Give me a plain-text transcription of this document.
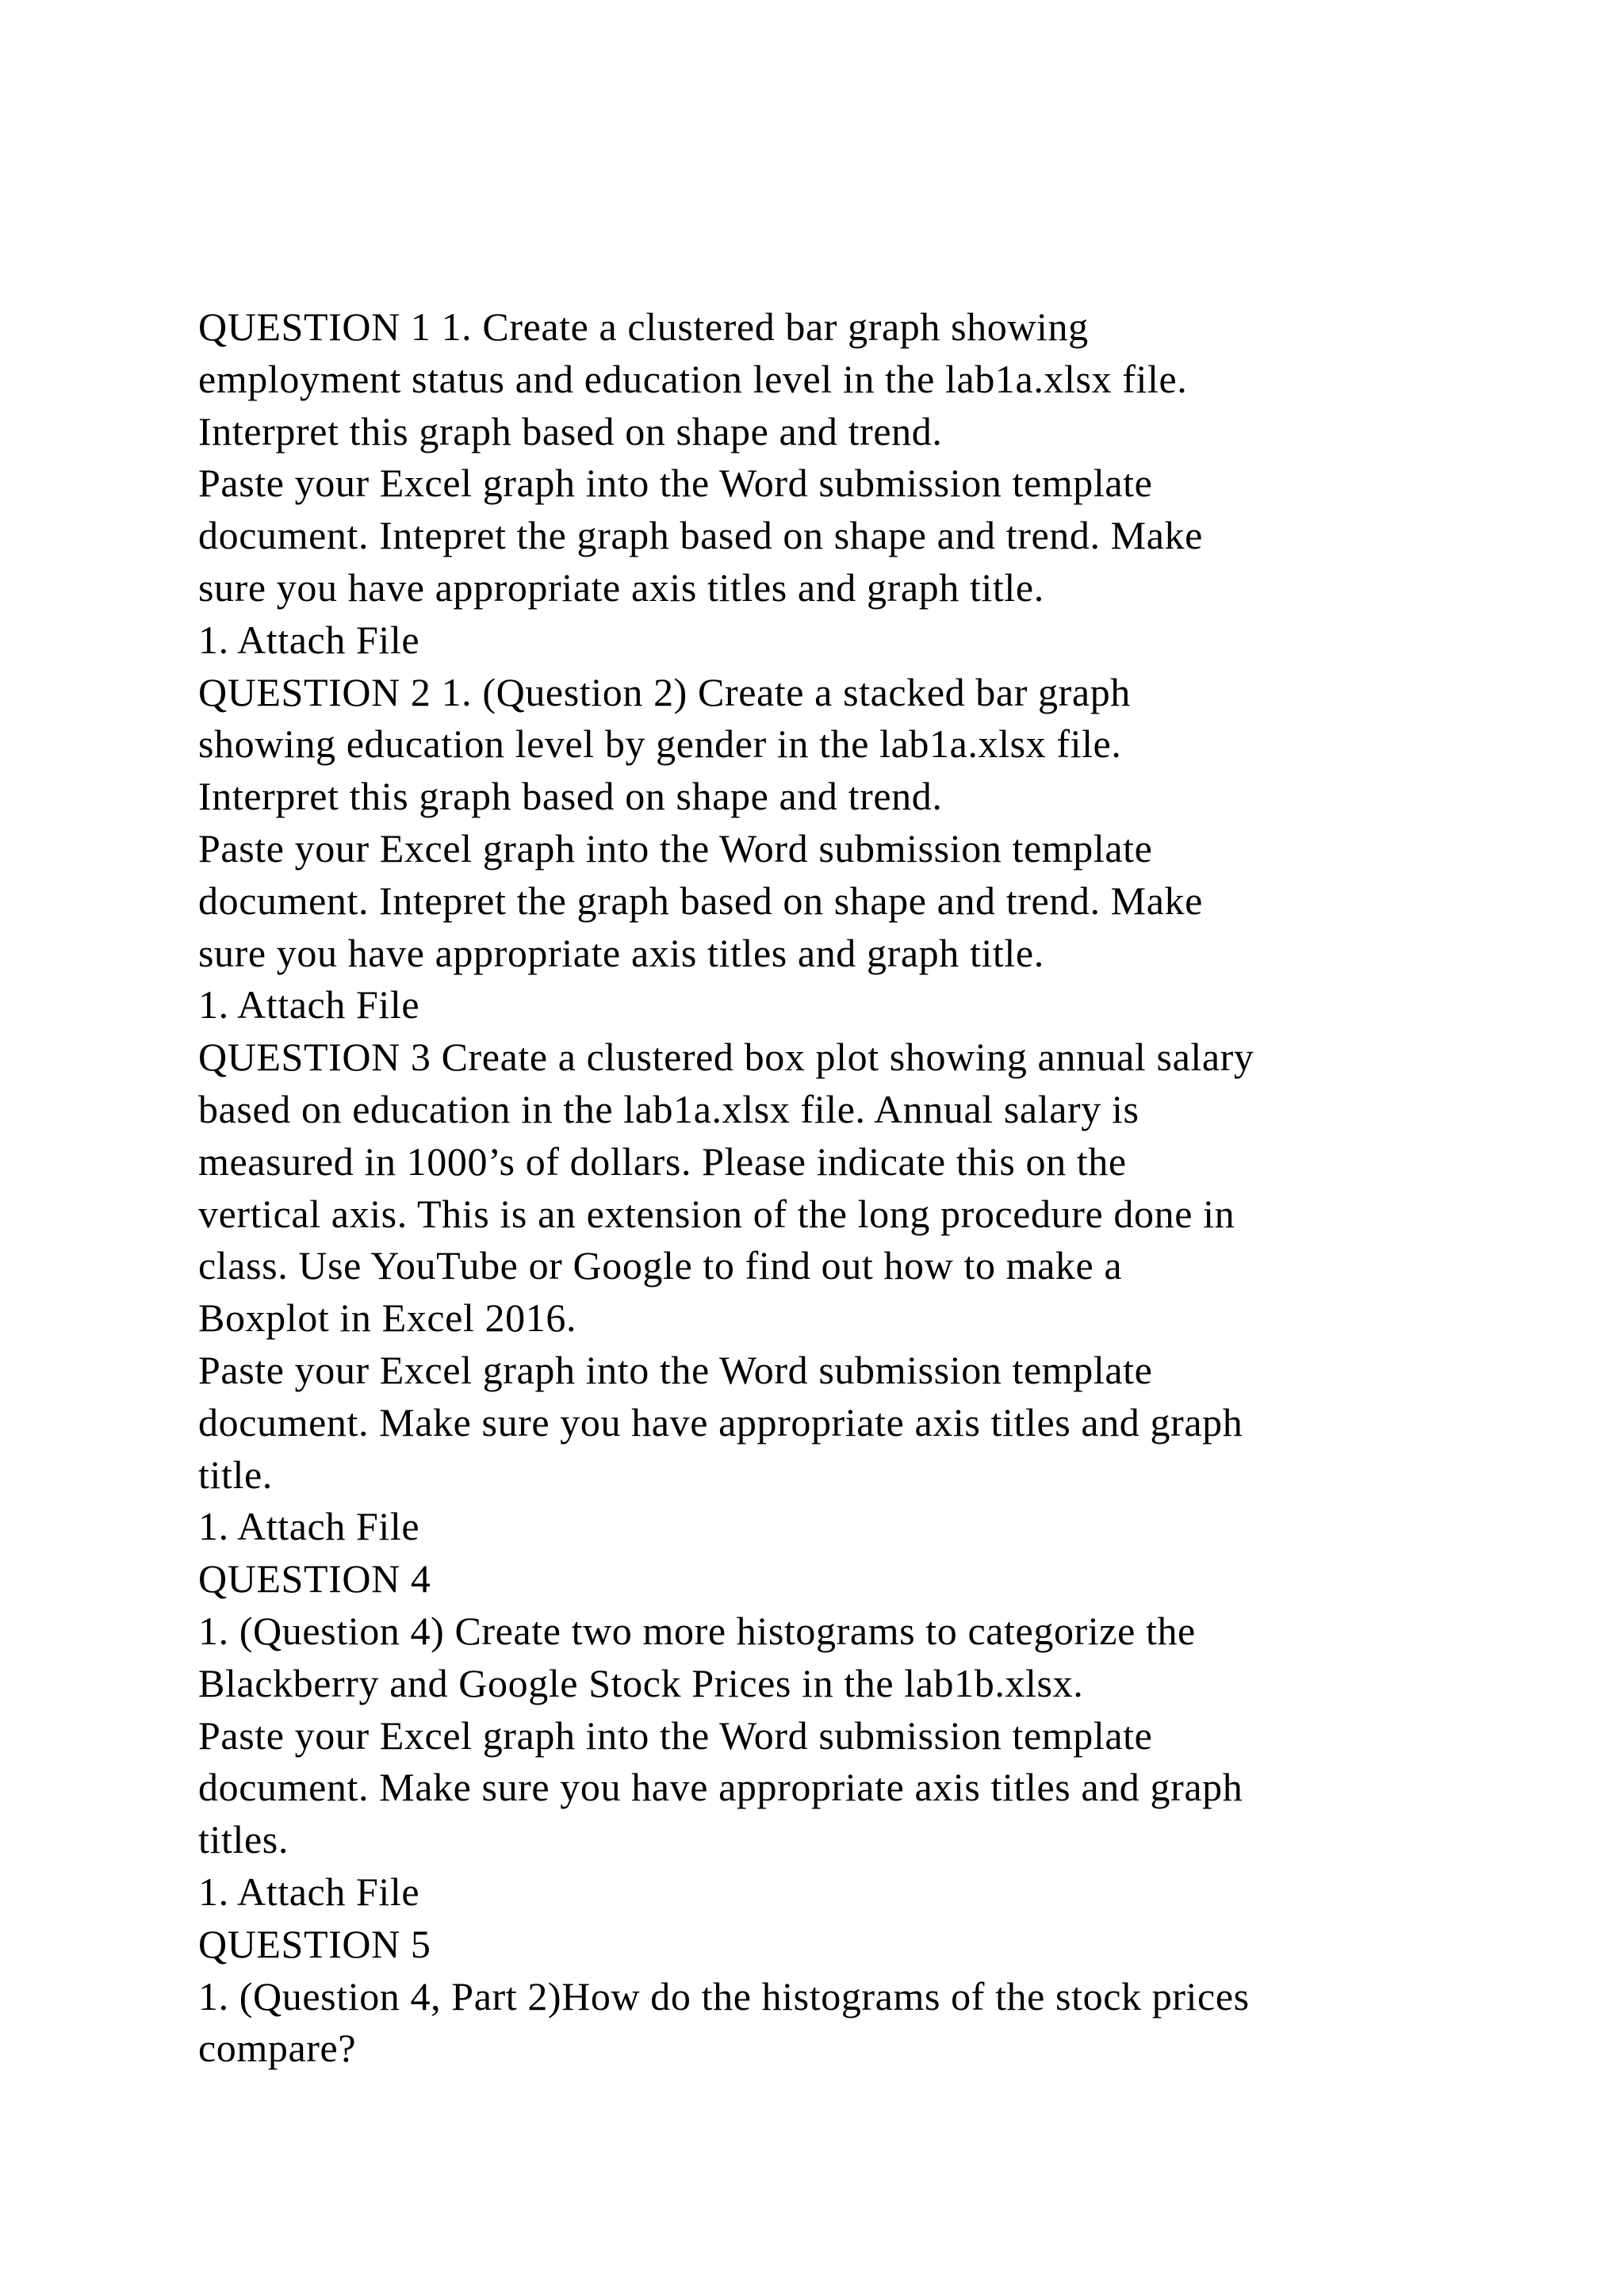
QUESTION 1 1. Create a clustered bar graph showing
employment status and education level in the lab1a.xlsx file.
Interpret this graph based on shape and trend.
Paste your Excel graph into the Word submission template
document. Intepret the graph based on shape and trend. Make
sure you have appropriate axis titles and graph title.
1. Attach File
QUESTION 2 1. (Question 2) Create a stacked bar graph
showing education level by gender in the lab1a.xlsx file.
Interpret this graph based on shape and trend.
Paste your Excel graph into the Word submission template
document. Intepret the graph based on shape and trend. Make
sure you have appropriate axis titles and graph title.
1. Attach File
QUESTION 3 Create a clustered box plot showing annual salary
based on education in the lab1a.xlsx file. Annual salary is
measured in 1000’s of dollars. Please indicate this on the
vertical axis. This is an extension of the long procedure done in
class. Use YouTube or Google to find out how to make a
Boxplot in Excel 2016.
Paste your Excel graph into the Word submission template
document. Make sure you have appropriate axis titles and graph
title.
1. Attach File
QUESTION 4
1. (Question 4) Create two more histograms to categorize the
Blackberry and Google Stock Prices in the lab1b.xlsx.
Paste your Excel graph into the Word submission template
document. Make sure you have appropriate axis titles and graph
titles.
1. Attach File
QUESTION 5
1. (Question 4, Part 2)How do the histograms of the stock prices
compare?
